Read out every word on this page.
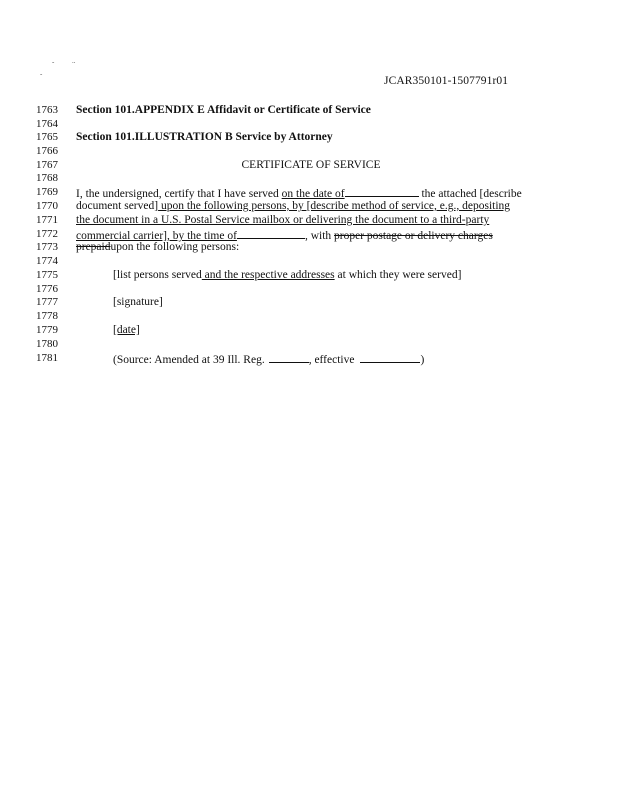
-	..
-
JCAR350101-1507791r01
1763
1764
1765
1766
1767
1768
1769
1770
1771
1772
1773
1774
1775
1776
1777
1778
1779
1780
1781
Section 101.APPENDIX E Affidavit or Certificate of Service
Section 101.ILLUSTRATION B Service by Attorney
CERTIFICATE OF SERVICE
I, the undersigned, certify that I have served on the date of	the attached [describe
document served] upon the following persons, by [describe method of service, e.g., depositing
the document in a U.S. Postal Service mailbox or delivering the document to a third-party
commercial carrier], by the time of	, with proper postage or delivery charges
prepaidupon the following persons:
[list persons served and the respective addresses at which they were served]
[signature]
[date]
(Source: Amended at 39 Ill. Reg.	, effective	)
